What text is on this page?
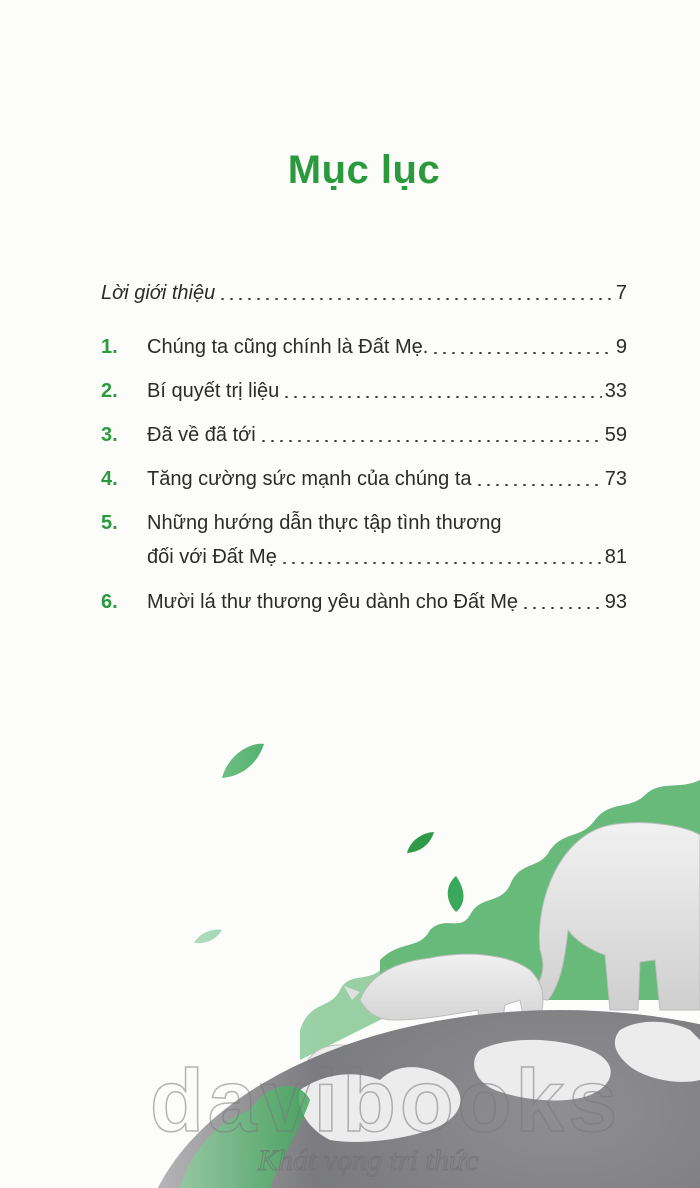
Mục lục
Lời giới thiệu	7
1. Chúng ta cũng chính là Đất Mẹ.	9
2. Bí quyết trị liệu	33
3. Đã về đã tới	59
4. Tăng cường sức mạnh của chúng ta	73
5. Những hướng dẫn thực tập tình thương
đối với Đất Mẹ	81
6. Mười lá thư thương yêu dành cho Đất Mẹ	93
davibooks
Khát vọng tri thức
